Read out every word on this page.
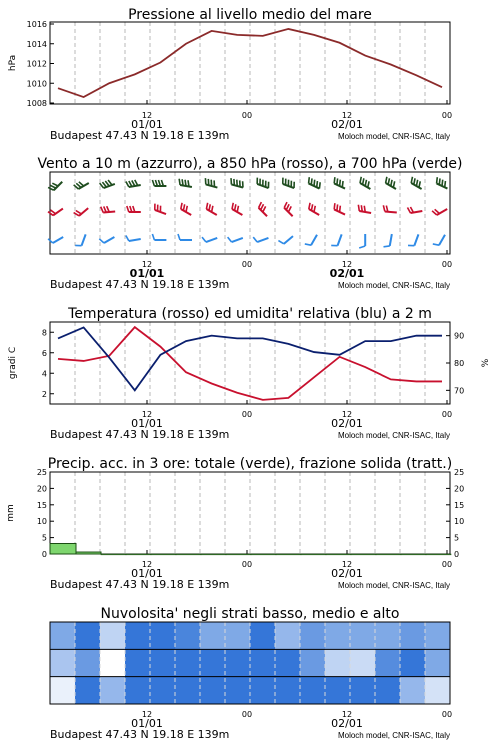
Pressione al livello medio del mare
12	00	12	00
01/01	02/01
Budapest 47.43 N 19.18 E 139m	Moloch model, CNR-ISAC, Italy
1008
1010
1012
1014
1016
hPa
Vento a 10 m (azzurro), a 850 hPa (rosso), a 700 hPa (verde)
12	00	12	00
01/01	02/01
Budapest 47.43 N 19.18 E 139m	Moloch model, CNR-ISAC, Italy
Temperatura (rosso) ed umidita' relativa (blu) a 2 m
12	00	12	00
01/01	02/01
Budapest 47.43 N 19.18 E 139m	Moloch model, CNR-ISAC, Italy
2
4
6
8
70
80
90
gradi C	%
Precip. acc. in 3 ore: totale (verde), frazione solida (tratt.)
12	00	12	00
01/01	02/01
Budapest 47.43 N 19.18 E 139m	Moloch model, CNR-ISAC, Italy
0	0
5	5
10	10
15	15
20	20
25	25
mm
Nuvolosita' negli strati basso, medio e alto
12	00	12	00
01/01	02/01
Budapest 47.43 N 19.18 E 139m	Moloch model, CNR-ISAC, Italy
